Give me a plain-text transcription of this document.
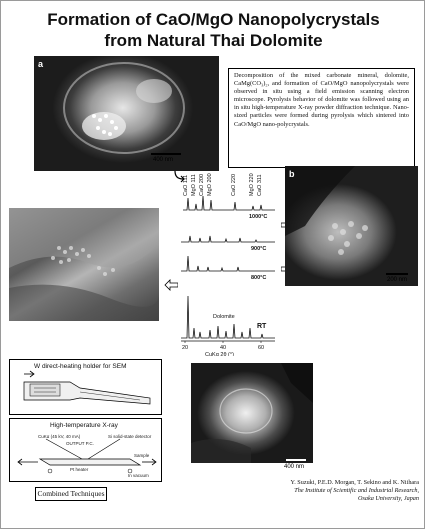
Formation of CaO/MgO Nanopolycrystals
from Natural Thai Dolomite
a
400 nm
Decomposition of the mixed carbonate mineral, dolomite, CaMg(CO₃)₂, and formation of CaO/MgO nanopolycrystals were observed in situ using a field emission scanning electron microscope. Pyrolysis behavior of dolomite was followed using an in situ high-temperature X-ray powder diffraction technique. Nano-sized particles were formed during pyrolysis which sintered into CaO/MgO nano-polycrystals.
CaO 111 MgO 111 CaO 200 MgO 200	CaO 220 MgO 220 CaO 311
1000°C
900°C
800°C
Dolomite
RT
20	40	60
CuKα 2θ (°)
b
200 nm
W direct-heating holder for SEM
High-temperature X-ray
CuKα (45 kV, 40 mA)	Si solid-state detector
OUTPUT P.C.
Sample
Pt heater
In vacuum
400 nm
Combined Techniques
Y. Suzuki, P.E.D. Morgan, T. Sekino and K. Niihara
The Institute of Scientific and Industrial Research,
Osaka University, Japan
